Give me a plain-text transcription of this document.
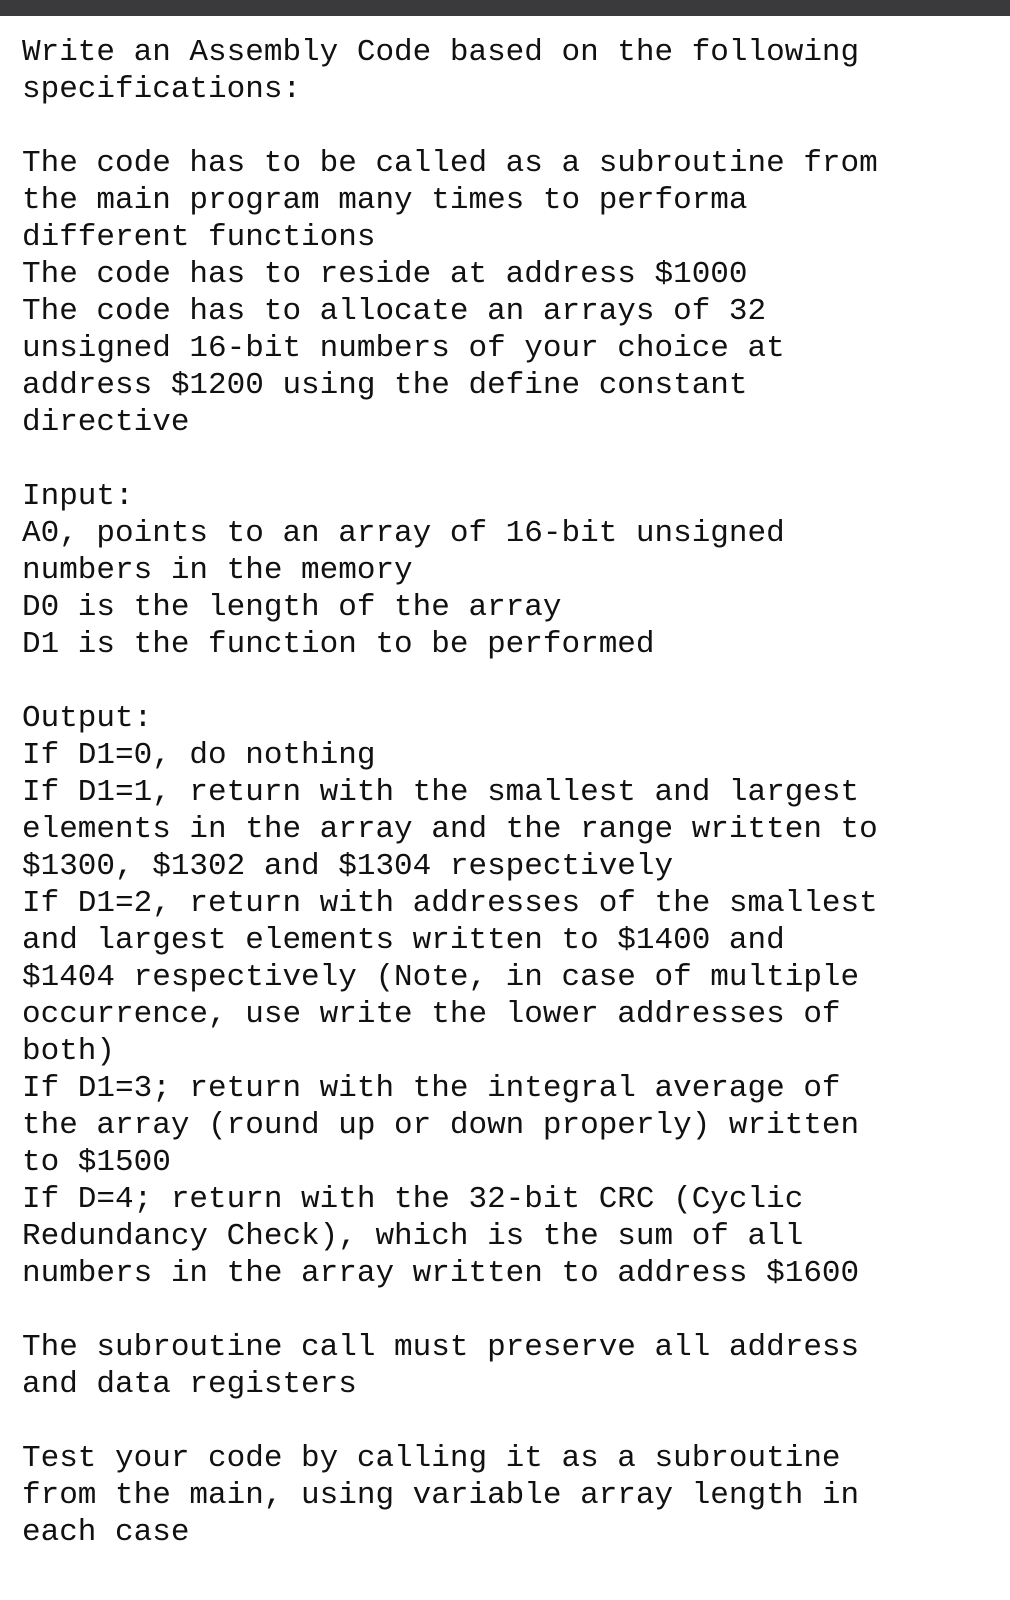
Write an Assembly Code based on the following
specifications:
The code has to be called as a subroutine from
the main program many times to performa
different functions
The code has to reside at address $1000
The code has to allocate an arrays of 32
unsigned 16-bit numbers of your choice at
address $1200 using the define constant
directive
Input:
A0, points to an array of 16-bit unsigned
numbers in the memory
D0 is the length of the array
D1 is the function to be performed
Output:
If D1=0, do nothing
If D1=1, return with the smallest and largest
elements in the array and the range written to
$1300, $1302 and $1304 respectively
If D1=2, return with addresses of the smallest
and largest elements written to $1400 and
$1404 respectively (Note, in case of multiple
occurrence, use write the lower addresses of
both)
If D1=3; return with the integral average of
the array (round up or down properly) written
to $1500
If D=4; return with the 32-bit CRC (Cyclic
Redundancy Check), which is the sum of all
numbers in the array written to address $1600
The subroutine call must preserve all address
and data registers
Test your code by calling it as a subroutine
from the main, using variable array length in
each case
